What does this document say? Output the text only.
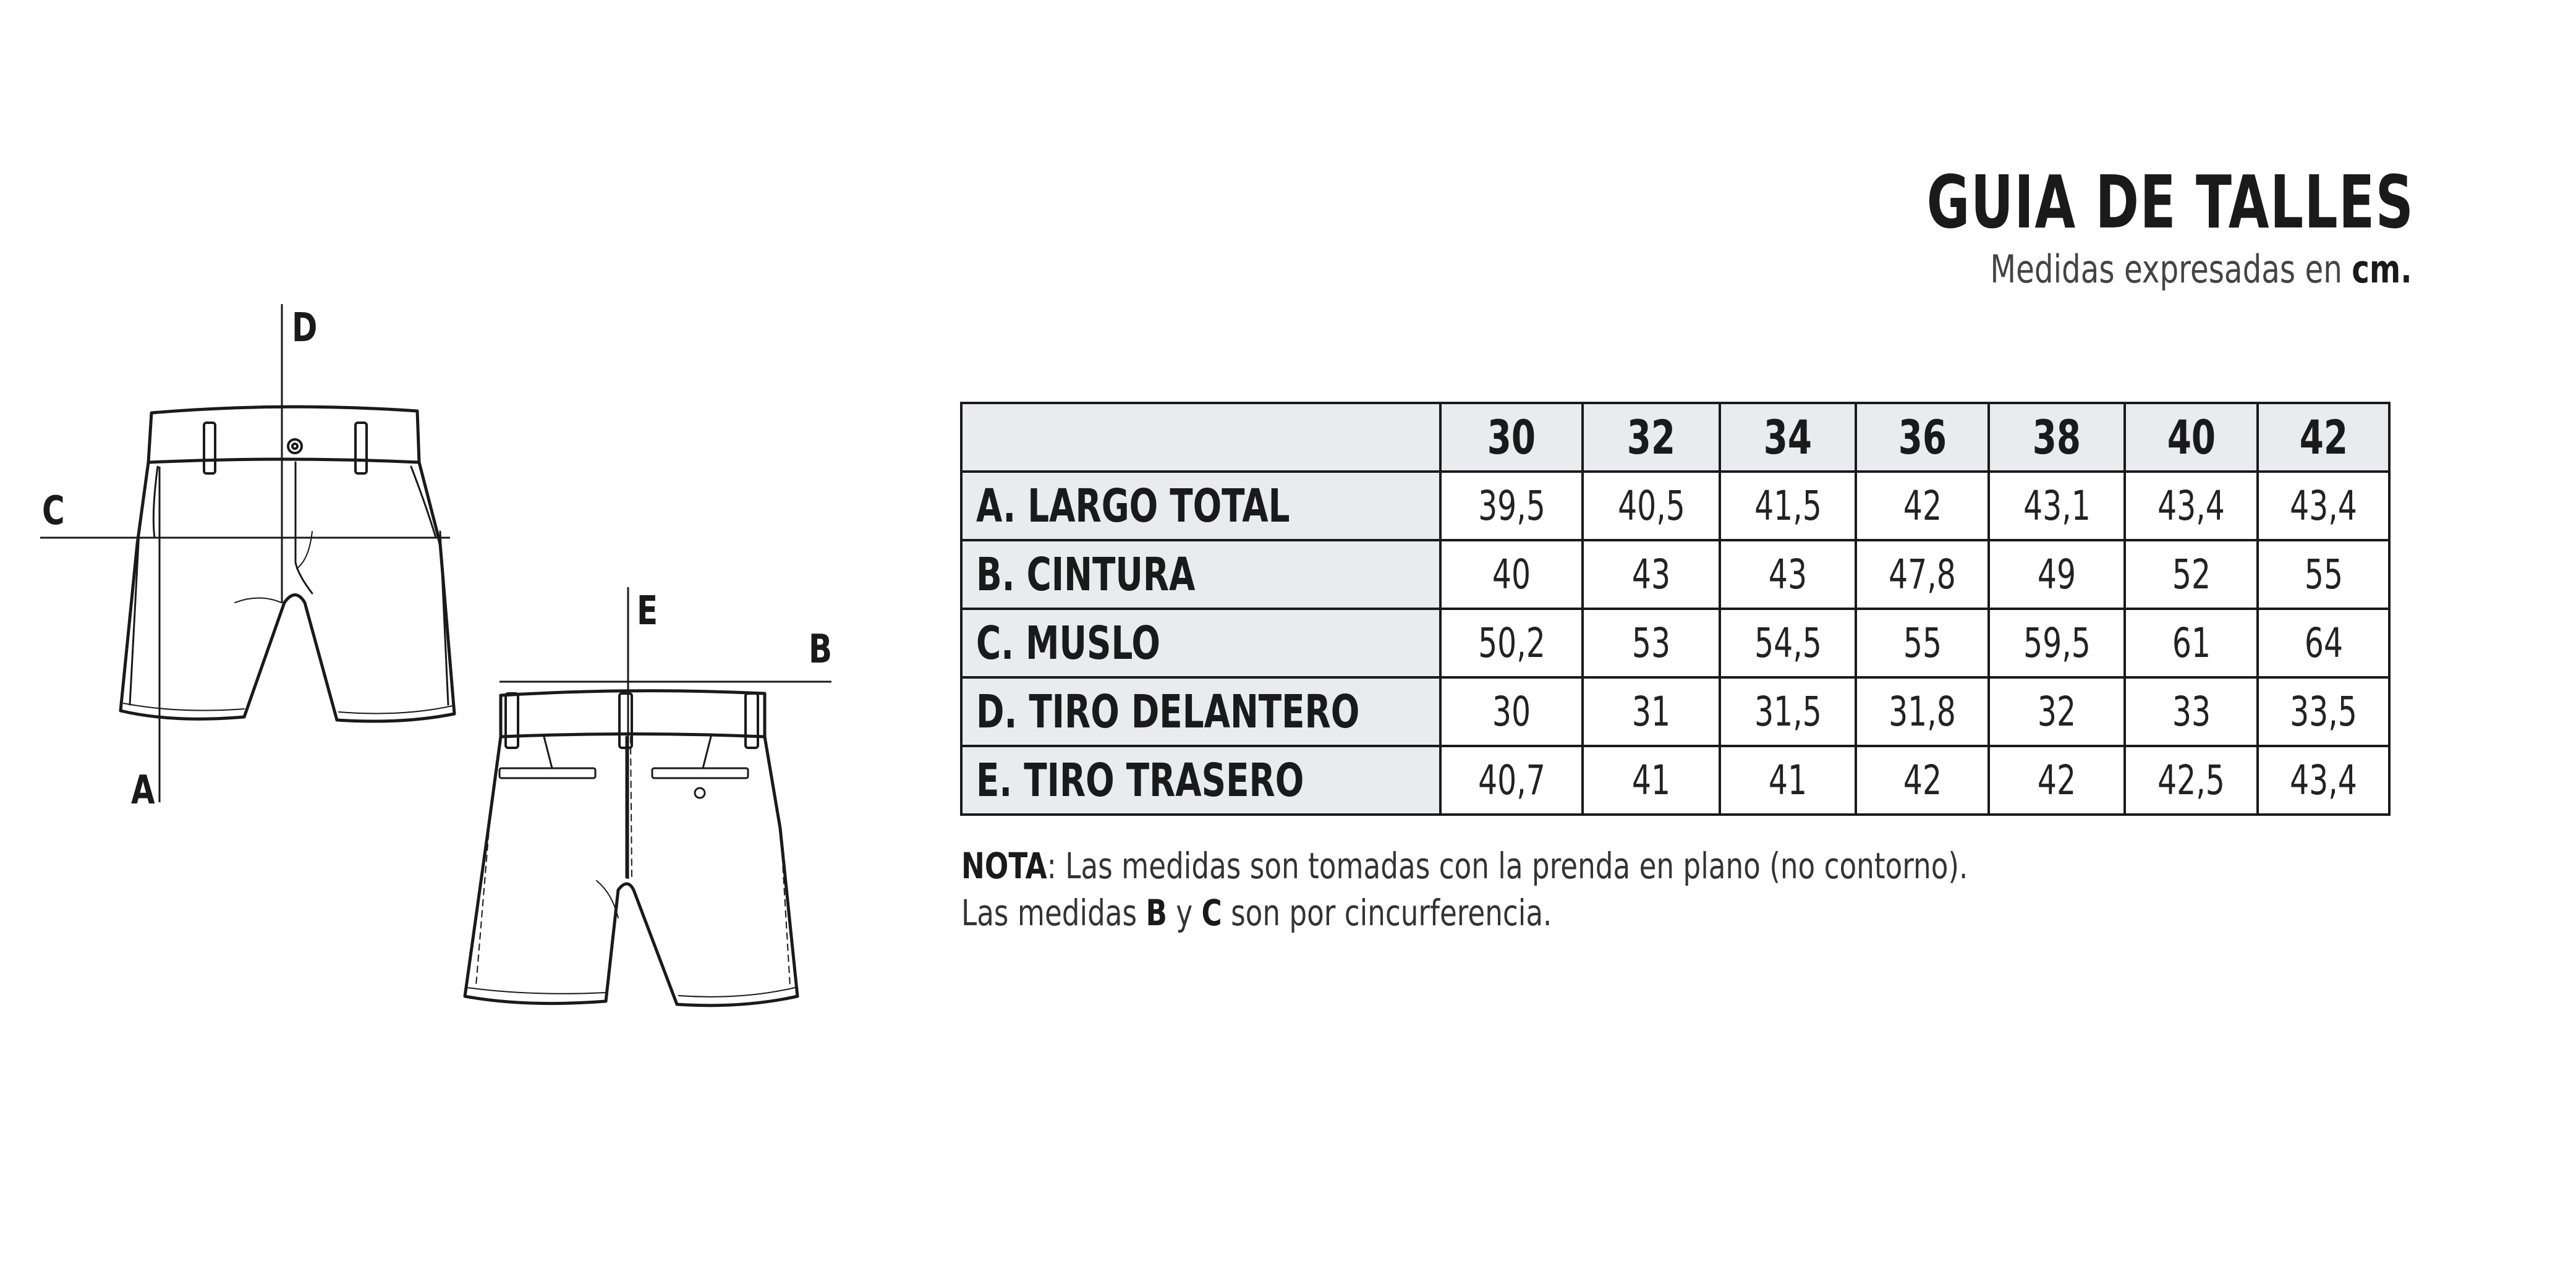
D
C
A
E
B
GUIA DE TALLES
Medidas expresadas en cm.
	30	32	34	36	38	40	42
A. LARGO TOTAL	39,5	40,5	41,5	42	43,1	43,4	43,4
B. CINTURA	40	43	43	47,8	49	52	55
C. MUSLO	50,2	53	54,5	55	59,5	61	64
D. TIRO DELANTERO	30	31	31,5	31,8	32	33	33,5
E. TIRO TRASERO	40,7	41	41	42	42	42,5	43,4
NOTA: Las medidas son tomadas con la prenda en plano (no contorno).
Las medidas B y C son por cincurferencia.
